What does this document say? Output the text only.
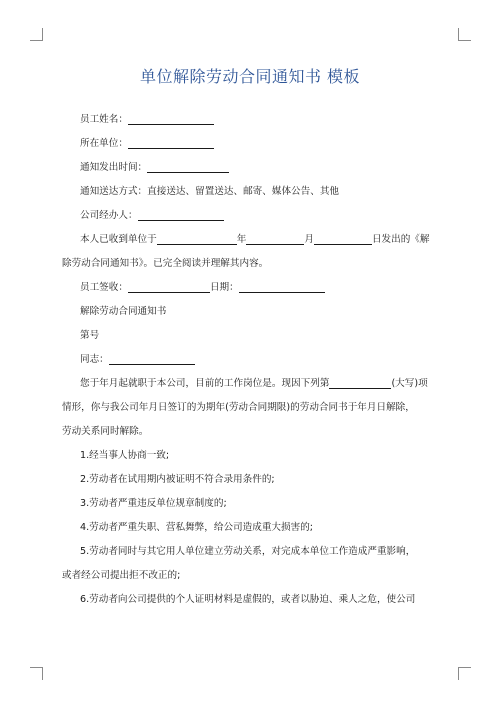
单位解除劳动合同通知书 模板
员工姓名：
所在单位：
通知发出时间：
通知送达方式：直接送达、留置送达、邮寄、媒体公告、其他
公司经办人：
本人已收到单位于	年	月	日发出的《解
除劳动合同通知书》。已完全阅读并理解其内容。
员工签收：	日期：
解除劳动合同通知书
第号
同志：
您于年月起就职于本公司，目前的工作岗位是。现因下列第	(大写)项
情形，你与我公司年月日签订的为期年(劳动合同期限)的劳动合同书于年月日解除，
劳动关系同时解除。
1.经当事人协商一致;
2.劳动者在试用期内被证明不符合录用条件的;
3.劳动者严重违反单位规章制度的;
4.劳动者严重失职、营私舞弊，给公司造成重大损害的;
5.劳动者同时与其它用人单位建立劳动关系，对完成本单位工作造成严重影响，
或者经公司提出拒不改正的;
6.劳动者向公司提供的个人证明材料是虚假的，或者以胁迫、乘人之危，使公司
